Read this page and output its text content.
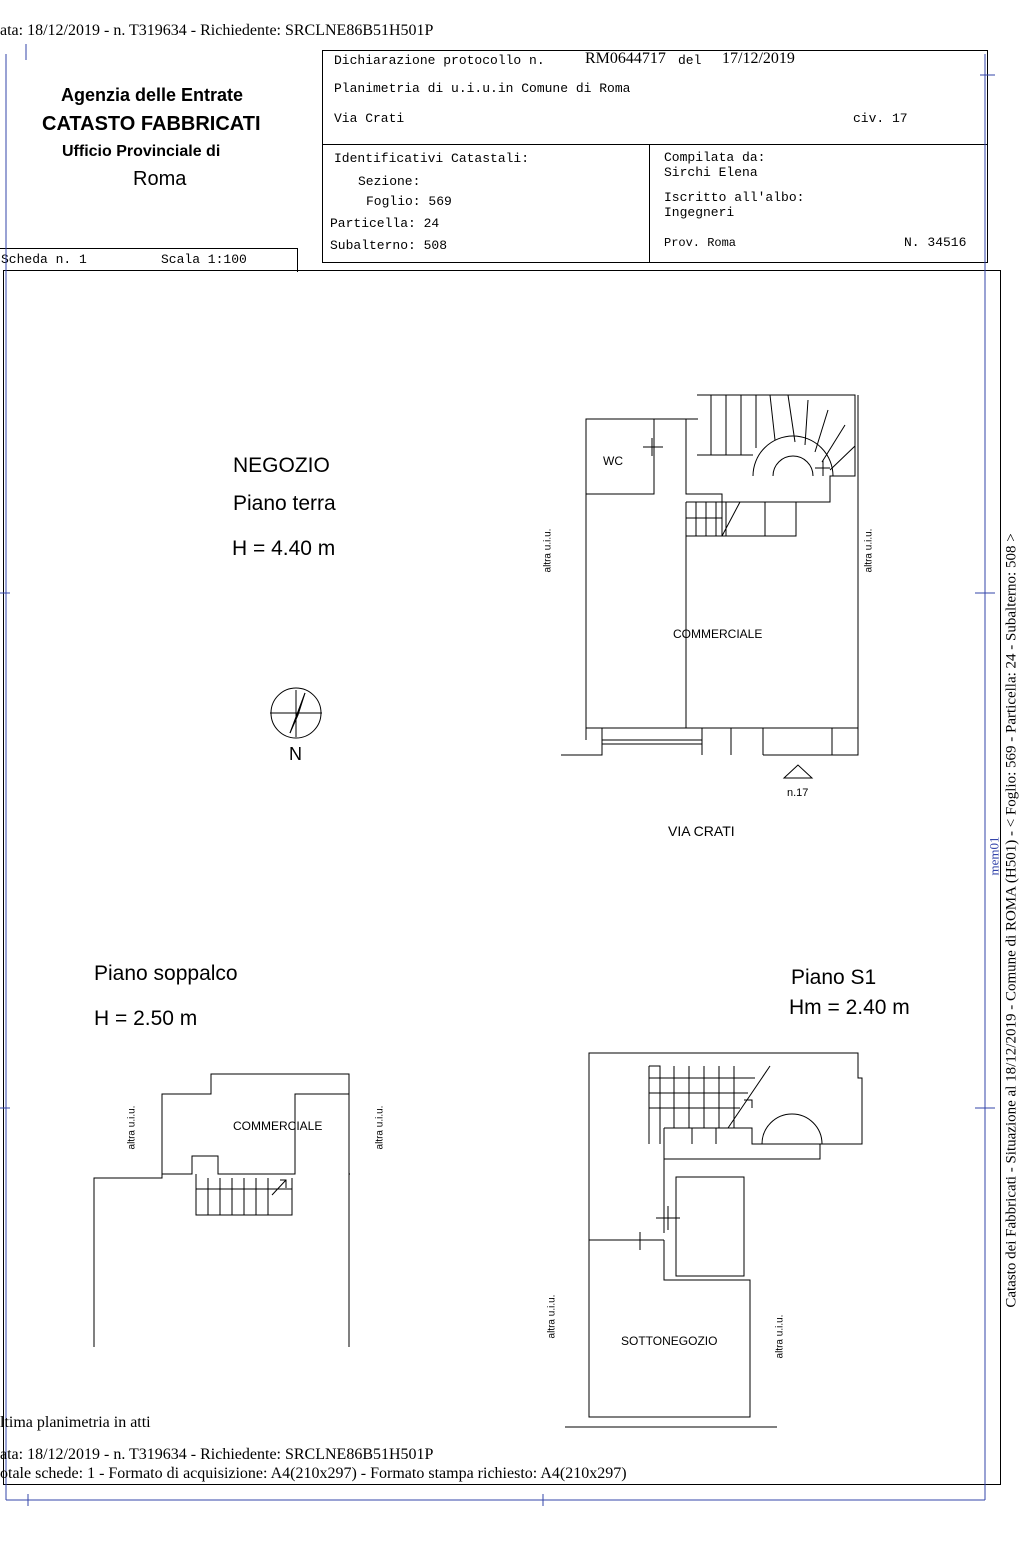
ata: 18/12/2019 - n. T319634 - Richiedente: SRCLNE86B51H501P
Agenzia delle Entrate
CATASTO FABBRICATI
Ufficio Provinciale di
Roma
Dichiarazione protocollo n.	RM0644717 del 17/12/2019
Planimetria di u.i.u.in Comune di Roma
Via Crati	civ. 17
Identificativi Catastali:
Sezione:
Foglio: 569
Particella: 24
Subalterno: 508
Compilata da:
Sirchi Elena
Iscritto all'albo:
Ingegneri
Prov. Roma	N. 34516
Scheda n. 1	Scala 1:100
NEGOZIO
Piano terra
H = 4.40 m
Piano soppalco
H = 2.50 m
Piano S1
Hm = 2.40 m
WC
COMMERCIALE
altra u.i.u.	altra u.i.u.
n.17
VIA CRATI
N
COMMERCIALE
altra u.i.u.	altra u.i.u.
SOTTONEGOZIO
altra u.i.u.	altra u.i.u.
Catasto dei Fabbricati - Situazione al 18/12/2019 - Comune di ROMA (H501) - < Foglio: 569 - Particella: 24 - Subalterno: 508 >
mem01
ltima planimetria in atti
ata: 18/12/2019 - n. T319634 - Richiedente: SRCLNE86B51H501P
otale schede: 1 - Formato di acquisizione: A4(210x297) - Formato stampa richiesto: A4(210x297)
